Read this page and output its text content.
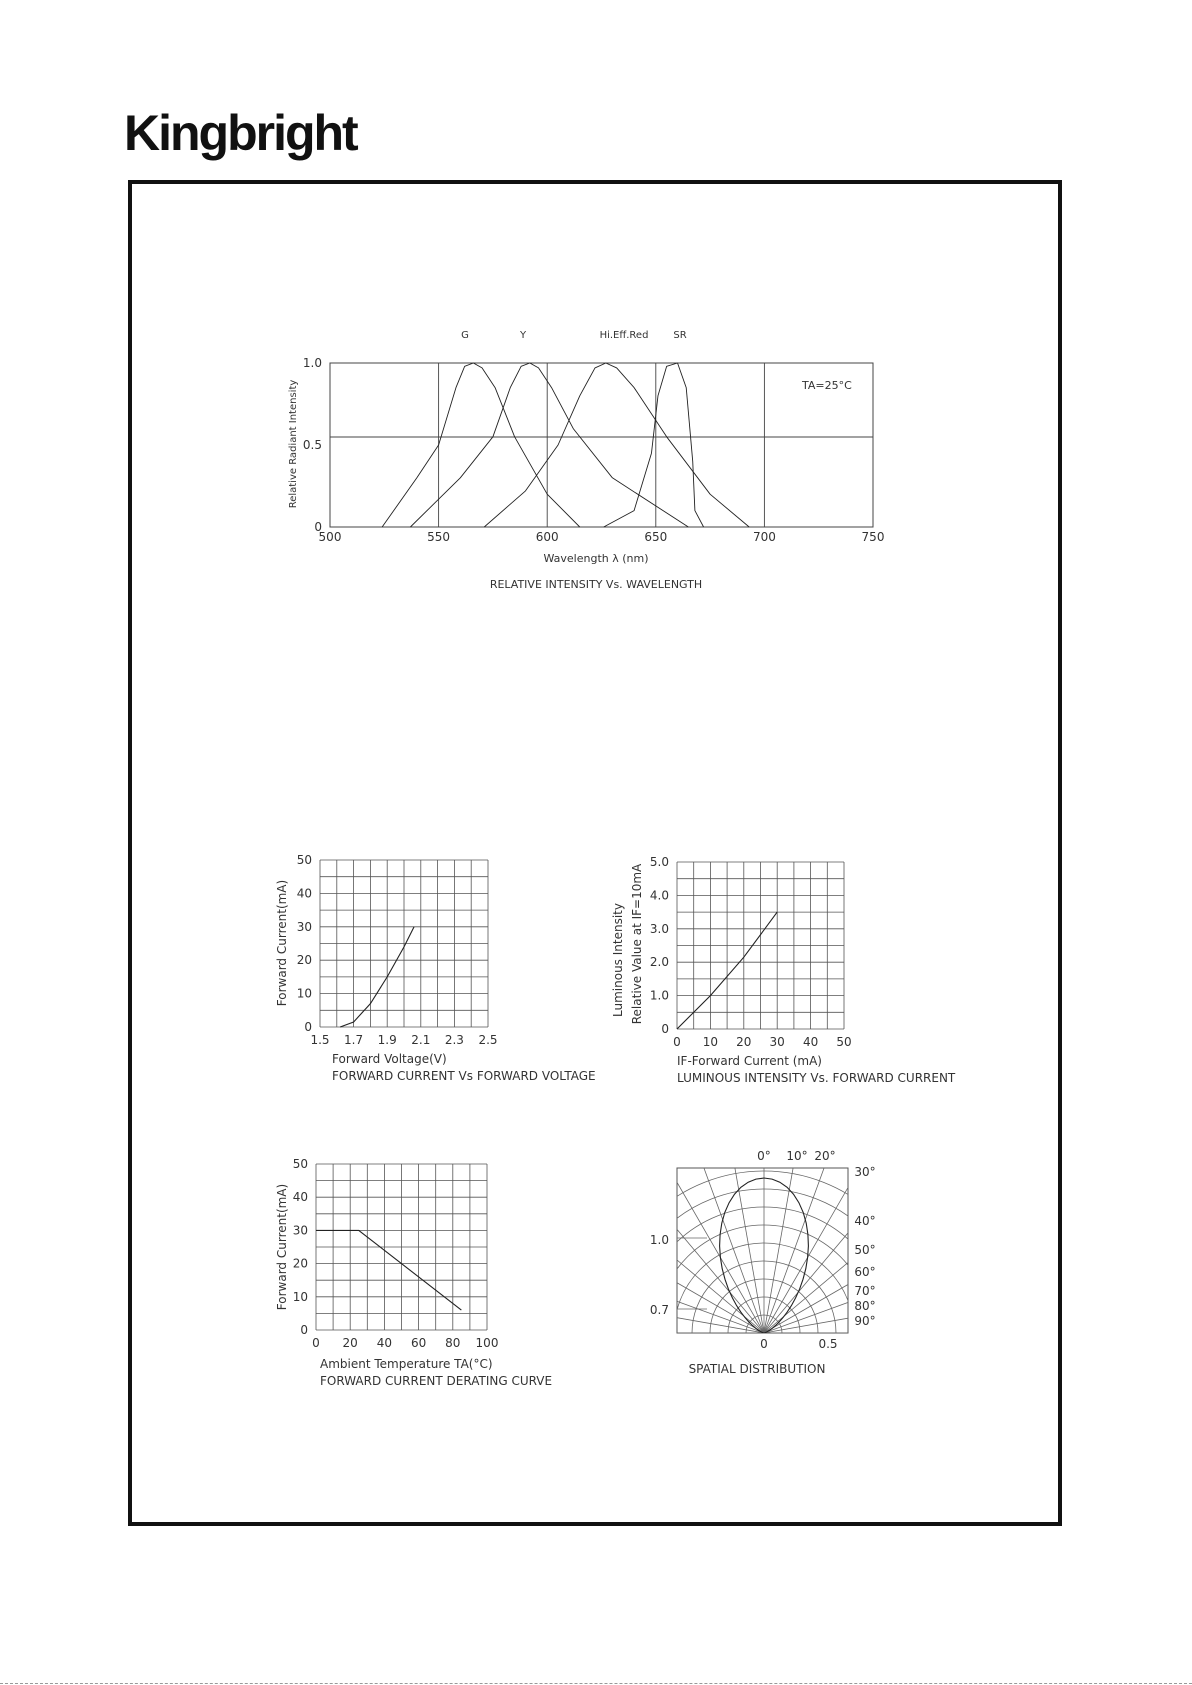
Kingbright
RELATIVE INTENSITY Vs. WAVELENGTH
Wavelength λ (nm)
Relative Radiant Intensity	TA=25°C
Forward Voltage(V)
FORWARD CURRENT Vs FORWARD VOLTAGE
Forward Current(mA)
IF-Forward Current (mA)
LUMINOUS INTENSITY Vs. FORWARD CURRENT
Luminous Intensity Relative Value at IF=10mA
Ambient Temperature TA(°C)
FORWARD CURRENT DERATING CURVE
Forward Current(mA)
SPATIAL DISTRIBUTION
500	550	600	650	700	750
0
0.5
1.0
G	Y	Hi.Eff.Red SR
1.5 1.7 1.9 2.1 2.3 2.5
0
10
20
30
40
50
0 10 20 30 40 50
0
1.0
2.0
3.0
4.0
5.0
0 20 40 60 80 100
0
10
20
30
40
50
0° 10° 20°
30°
40°
50°
60°
70°
80°
90°
1.0
0.7
0	0.5
